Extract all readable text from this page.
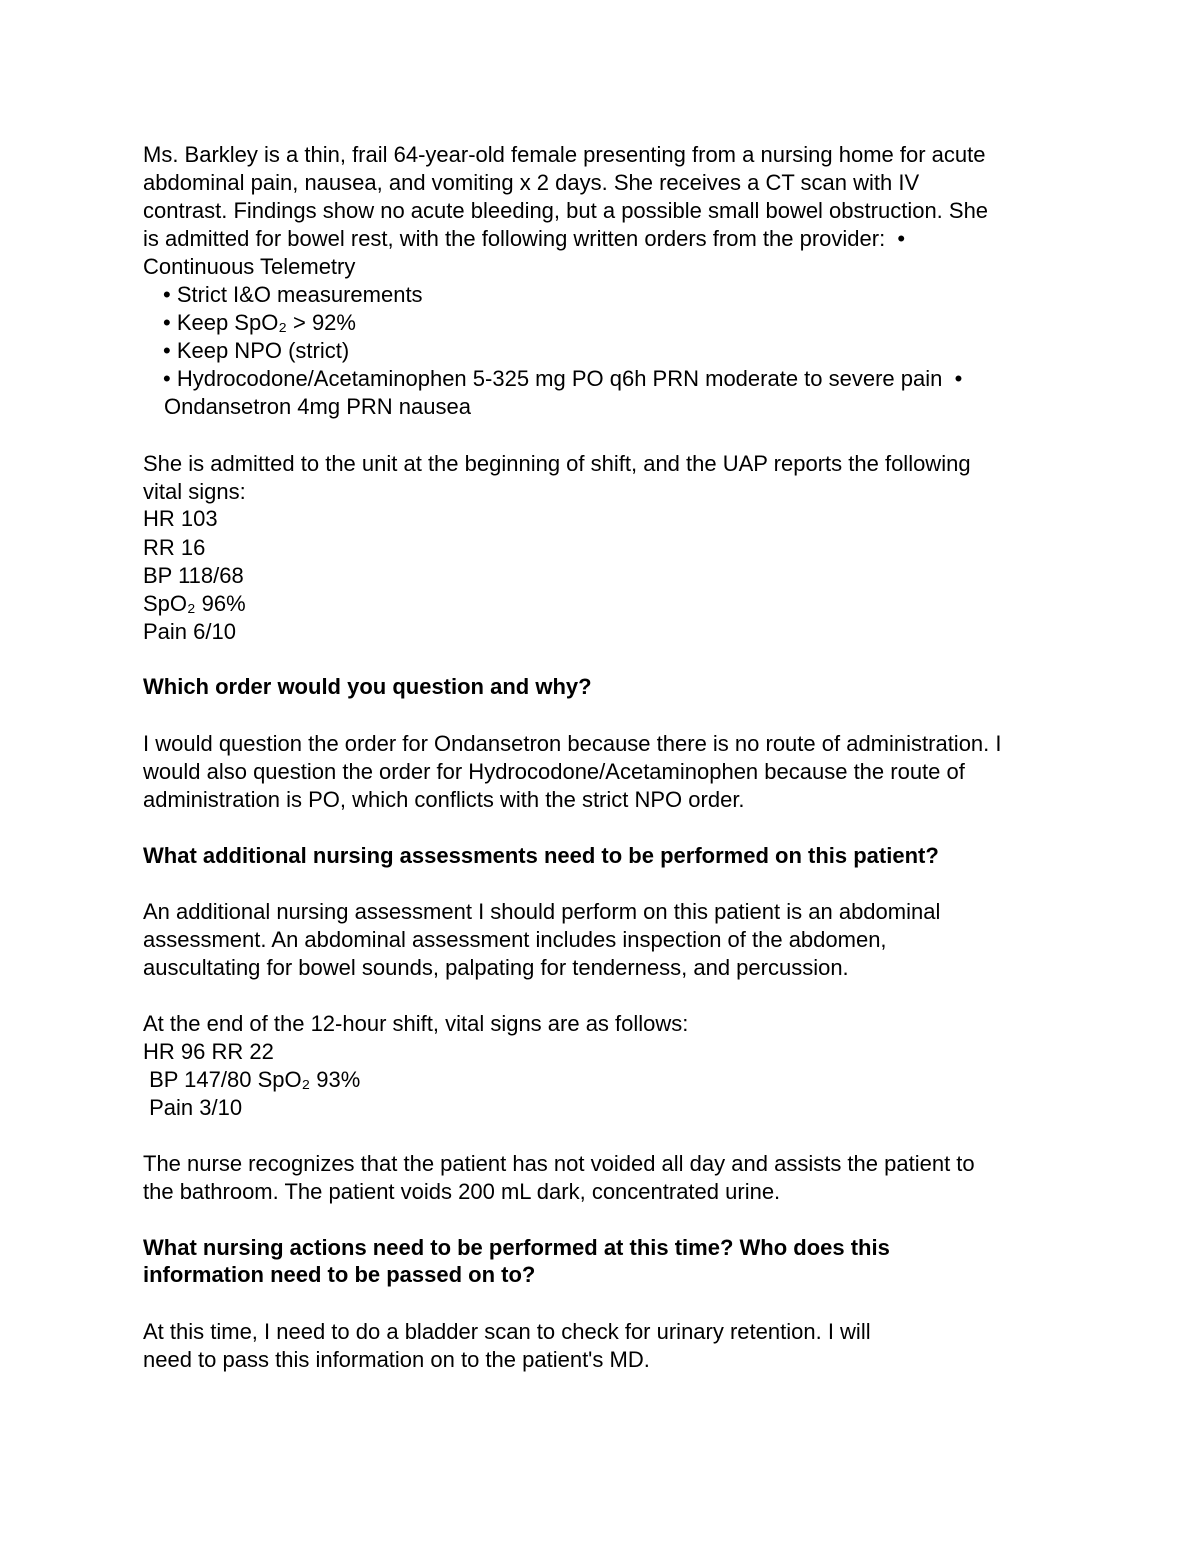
Ms. Barkley is a thin, frail 64-year-old female presenting from a nursing home for acute

abdominal pain, nausea, and vomiting x 2 days. She receives a CT scan with IV

contrast. Findings show no acute bleeding, but a possible small bowel obstruction. She

is admitted for bowel rest, with the following written orders from the provider:  •

Continuous Telemetry

• Strict I&O measurements

• Keep SpO₂ > 92%

• Keep NPO (strict)

• Hydrocodone/Acetaminophen 5-325 mg PO q6h PRN moderate to severe pain  •

Ondansetron 4mg PRN nausea

She is admitted to the unit at the beginning of shift, and the UAP reports the following

vital signs:

HR 103

RR 16

BP 118/68

SpO₂ 96%

Pain 6/10

Which order would you question and why?

I would question the order for Ondansetron because there is no route of administration. I

would also question the order for Hydrocodone/Acetaminophen because the route of

administration is PO, which conflicts with the strict NPO order.

What additional nursing assessments need to be performed on this patient?

An additional nursing assessment I should perform on this patient is an abdominal

assessment. An abdominal assessment includes inspection of the abdomen,

auscultating for bowel sounds, palpating for tenderness, and percussion.

At the end of the 12-hour shift, vital signs are as follows:

HR 96 RR 22

BP 147/80 SpO₂ 93%

Pain 3/10

The nurse recognizes that the patient has not voided all day and assists the patient to

the bathroom. The patient voids 200 mL dark, concentrated urine.

What nursing actions need to be performed at this time? Who does this

information need to be passed on to?

At this time, I need to do a bladder scan to check for urinary retention. I will

need to pass this information on to the patient's MD.
